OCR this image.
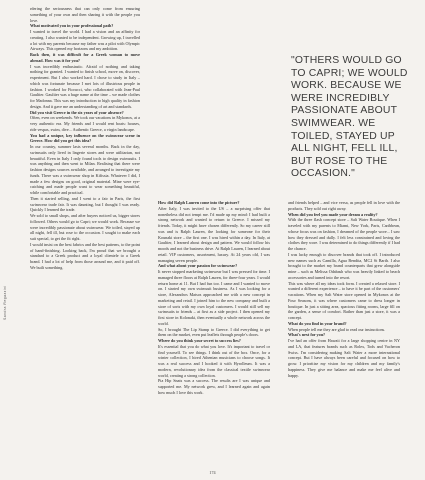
rdering the seriousness that can only come from ensuring something of your own and then sharing it with the people you love.

What motivated you in your professional path?

I wanted to travel the world. I had a vision and an affinity for creating. I also wanted to be independent. Growing up, I travelled a lot with my parents because my father was a pilot with Olympic Airways. This opened my horizons and my ambition.

Back then, it was difficult for a Greek woman to move abroad. How was it for you?

I was incredibly enthusiastic. Afraid of nothing and taking nothing for granted. I wanted to finish school, move on, discover, experiment. But I also worked hard. I chose to study in Italy – which was fortunate because I met lots of illustrious people in fashion. I worked for Fiorucci, who collaborated with Jean-Paul Gaultier. Gaultier was a huge name at the time – we made clothes for Madonna. This was my introduction to high quality in fashion design. And it gave me an understanding of art and standards.

Did you visit Greece in the six years of your absence?

Often, even on weekends. We took our vacations in Mykonos, at a very authentic era. My friends and I would rent boats: houses, ride vespas, swim, dive... Authentic Greece, a virgin landscape.

You had a unique, key influence on the swimwear scene in Greece. How did you get this idea?

In our country, summer lasts several months. Back in the day, swimsuits only lived in lingerie stores and were utilitarian, not beautiful. Even in Italy I only found tools to design swimsuits. I was anything and then went to Milan. Realising that there were fashion designs sources available, and arranged to investigate my funds. There was a swimwear shop in Kifissia. Whatever I did, I made a few designs on good, original material. Mine were eye-catching and made people want to wear something beautiful, while comfortable and practical.

Then it started selling, and I went to a fair in Paris, the first swimwear trade fair. It was daunting, but I thought I was ready. Quickly I learned the trade.

We sold to small shops, and after buyers noticed us, bigger stores followed. Others would go to Capri; we would work. Because we were incredibly passionate about swimwear. We toiled, stayed up all night, fell ill, but rose to the occasion. I sought to make each suit special, to get the fit right.

I would insist on the best fabrics and the best patterns, to the point of hand-finishing. Looking back, I'm proud that we brought a standard to a Greek product and a loyal clientele to a Greek brand. I had a lot of help from those around me, and it paid off. We built something.

How did Ralph Lauren come into the picture?

After Italy, I was invited to the US – a surprising offer that nonetheless did not tempt me. I'd made up my mind: I had built a strong network and wanted to return to Greece. I missed my friends. Today, it might have chosen differently. So my career still was and is Ralph Lauren, the looking for someone for their Kounaki store – the first one. I was hired within a day. In Italy, at Gaultier, I learned about design and pattern. We would follow his moods and not the business drive. At Ralph Lauren, I learned about retail. VIP customers, assortment, luxury. At 24 years old, I was managing seven people.

And what about your passion for swimwear?

It never stopped marketing swimwear but I was pressed for time. I managed three floors at Ralph Lauren, for three-four years. I would return home at 11. But I had fun too. I came and I wanted to move on. I started my own swimsuit business. As I was looking for a store, Alexandros Matsos approached me with a new concept in marketing and retail. I joined him to the new company and built a store of sorts with my own loyal customers. I would still sell my swimsuits to friends – at first as a side project. I then opened my first store in Kolonaki, then eventually a whole network across the world.

So, I brought The Lip Stamp to Greece. I did everything to get them on the market, even put leaflets through people's doors.

Where do you think your secret to success lies?

It's essential that you do what you love. It's important to travel or find yourself. To see things. I think out of the box. Once, for a winter collection, I hired Athenian musicians to choose songs. It was a real success and I hooked it with Hyrolleum. It was a modern, revolutionary idea from the classical textile swimwear world, creating a strong collection.

Pia Hip Snats was a success. The results are I was unique and supported me. My network grew, and I learned again and again how much I love this work.

and friends helped – and vice versa, as people fell in love with the products. They sold out right away.

When did you feel you made your dream a reality?

With the three flash concept store – Salt Water Boutique. When I traveled with my parents to Miami, New York, Paris, Caribbean, whose focus was on fashion, I dreamed of the people wore... I saw how they dressed and dully. I felt less constrained and loving the clothes they wore. I was determined to do things differently if I had the chance.

I was lucky enough to discover brands that took off. I introduced new names such as Camilla, Agua Bendita, MC2 St Barth. I also brought to the market my brand counterparts that grew alongside mine – such as Melissa Odabash who was heavily linked to beach accessories and turned into the resort.

This was where all my ideas took form. I created a relaxed store. I wanted a different experience – to have it be part of the customers' vacations. When my Salt Water store opened in Mykonos at the Four Seasons, it was where customers came to dress longer in boutique. In just a sitting area, spacious fitting rooms, large fill on the garden, a sense of comfort. Rather than just a store, it was a concept.

What do you find in your brand?

When people tell me they are glad to read our instructions.

What's next for you?

I've had an offer from Hawaii for a large shopping centre in NY and LA, that features brands such as Rolex, Tods and Vacheron Swiss. I'm considering making Salt Water a more international concept. But I have always been careful and focused on how to grow. I prioritise my vision for my children and my family's happiness. They give me balance and make me feel alive and happy.

"OTHERS WOULD GO TO CAPRI; WE WOULD WORK. BECAUSE WE WERE INCREDIBLY PASSIONATE ABOUT SWIMWEAR. WE TOILED, STAYED UP ALL NIGHT, FELL ILL, BUT ROSE TO THE OCCASION."

Sandra Regazzini
174
